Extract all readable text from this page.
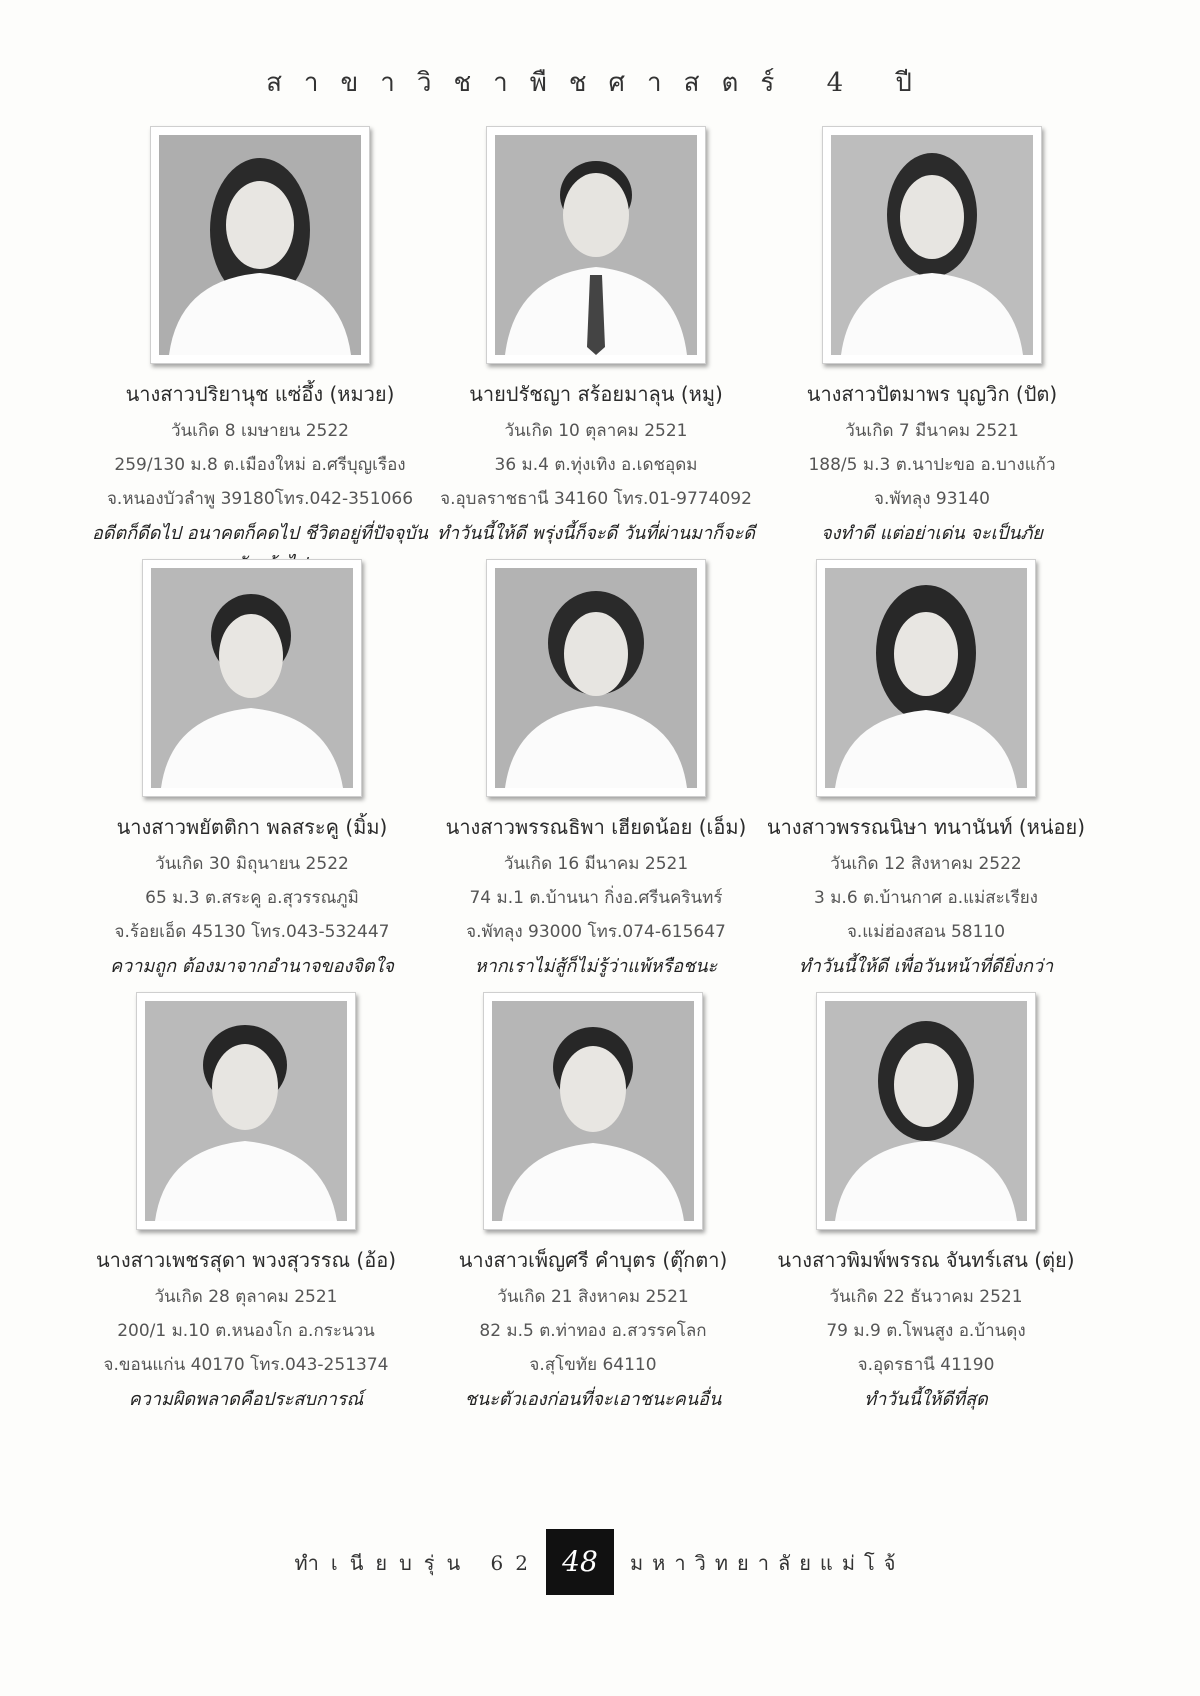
สาขาวิชาพืชศาสตร์ 4 ปี
นางสาวปริยานุช แซ่อึ้ง (หมวย)
วันเกิด 8 เมษายน 2522
259/130 ม.8 ต.เมืองใหม่ อ.ศรีบุญเรือง
จ.หนองบัวลำพู 39180โทร.042-351066
อดีตก็ดีดไป อนาคตก็คดไป ชีวิตอยู่ที่ปัจจุบัน
นายปรัชญา สร้อยมาลุน (หมู)
วันเกิด 10 ตุลาคม 2521
36 ม.4 ต.ทุ่งเทิง อ.เดชอุดม
จ.อุบลราชธานี 34160 โทร.01-9774092
ทำวันนี้ให้ดี พรุ่งนี้ก็จะดี วันที่ผ่านมาก็จะดี
นางสาวปัตมาพร บุญวิก (ปัต)
วันเกิด 7 มีนาคม 2521
188/5 ม.3 ต.นาปะขอ อ.บางแก้ว
จ.พัทลุง 93140
จงทำดี แต่อย่าเด่น จะเป็นภัย
นางสาวพยัตติกา พลสระคู (มิ้ม)
วันเกิด 30 มิถุนายน 2522
65 ม.3 ต.สระคู อ.สุวรรณภูมิ
จ.ร้อยเอ็ด 45130 โทร.043-532447
ความถูก ต้องมาจากอำนาจของจิตใจ
นางสาวพรรณธิพา เฮียดน้อย (เอ็ม)
วันเกิด 16 มีนาคม 2521
74 ม.1 ต.บ้านนา กิ่งอ.ศรีนครินทร์
จ.พัทลุง 93000 โทร.074-615647
หากเราไม่สู้ก็ไม่รู้ว่าแพ้หรือชนะ
นางสาวพรรณนิษา ทนานันท์ (หน่อย)
วันเกิด 12 สิงหาคม 2522
3 ม.6 ต.บ้านกาศ อ.แม่สะเรียง
จ.แม่ฮ่องสอน 58110
ทำวันนี้ให้ดี เพื่อวันหน้าที่ดียิ่งกว่า
นางสาวเพชรสุดา พวงสุวรรณ (อ้อ)
วันเกิด 28 ตุลาคม 2521
200/1 ม.10 ต.หนองโก อ.กระนวน
จ.ขอนแก่น 40170 โทร.043-251374
ความผิดพลาดคือประสบการณ์
นางสาวเพ็ญศรี คำบุตร (ตุ๊กตา)
วันเกิด 21 สิงหาคม 2521
82 ม.5 ต.ท่าทอง อ.สวรรคโลก
จ.สุโขทัย 64110
ชนะตัวเองก่อนที่จะเอาชนะคนอื่น
นางสาวพิมพ์พรรณ จันทร์เสน (ตุ่ย)
วันเกิด 22 ธันวาคม 2521
79 ม.9 ต.โพนสูง อ.บ้านดุง
จ.อุดรธานี 41190
ทำวันนี้ให้ดีที่สุด
ทำเนียบรุ่น 62 48	มหาวิทยาลัยแม่โจ้
